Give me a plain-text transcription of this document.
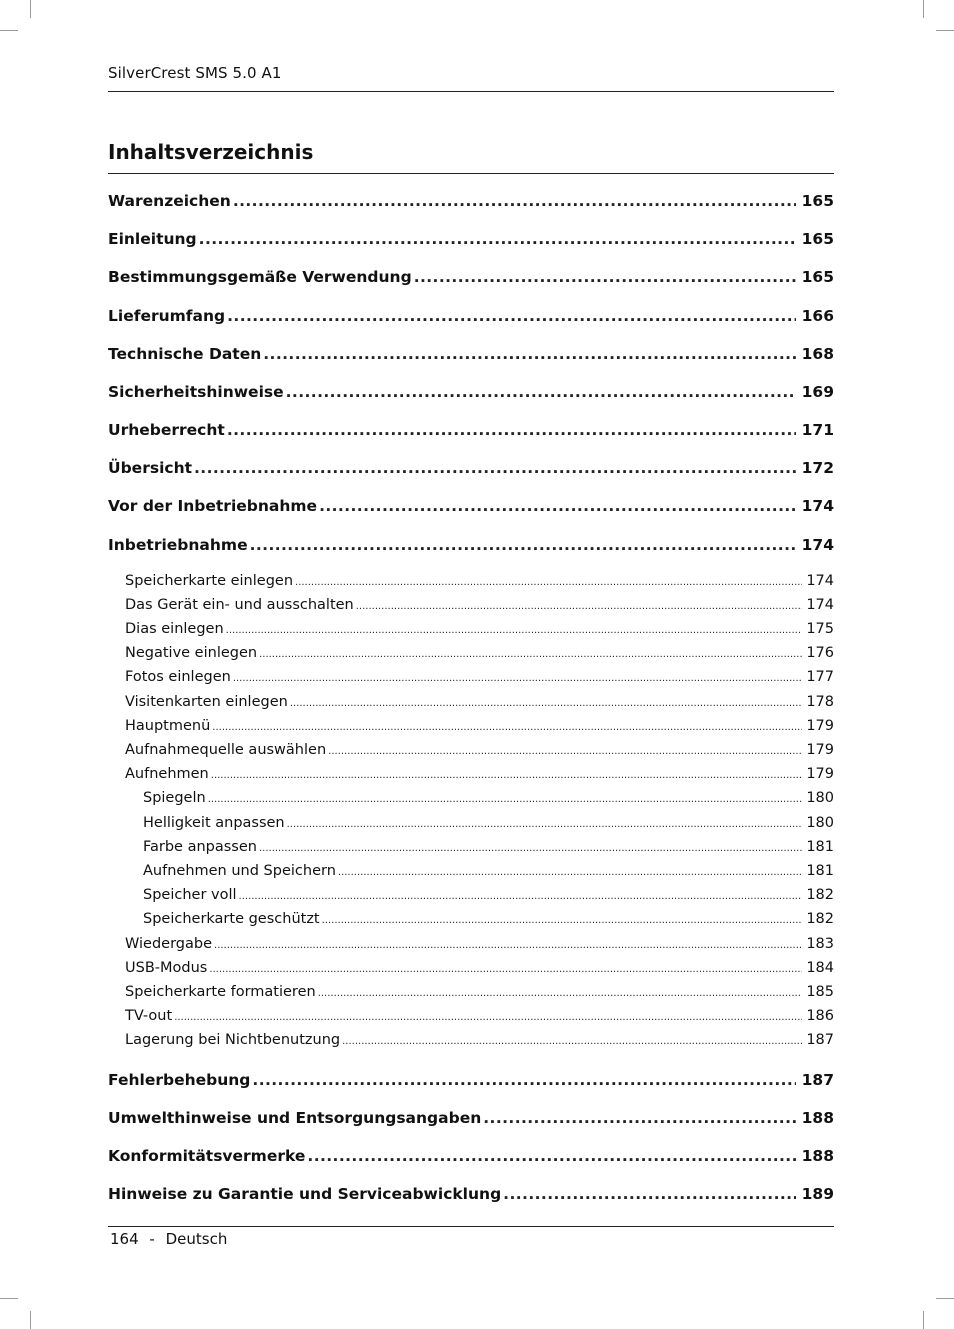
SilverCrest SMS 5.0 A1
Inhaltsverzeichnis
Warenzeichen .....	165
Einleitung .....	165
Bestimmungsgemäße Verwendung .....	165
Lieferumfang .....	166
Technische Daten .....	168
Sicherheitshinweise .....	169
Urheberrecht .....	171
Übersicht .....	172
Vor der Inbetriebnahme .....	174
Inbetriebnahme .....	174
Speicherkarte einlegen .....	174
Das Gerät ein- und ausschalten .....	174
Dias einlegen .....	175
Negative einlegen .....	176
Fotos einlegen .....	177
Visitenkarten einlegen .....	178
Hauptmenü .....	179
Aufnahmequelle auswählen .....	179
Aufnehmen .....	179
Spiegeln .....	180
Helligkeit anpassen .....	180
Farbe anpassen .....	181
Aufnehmen und Speichern .....	181
Speicher voll .....	182
Speicherkarte geschützt .....	182
Wiedergabe .....	183
USB-Modus .....	184
Speicherkarte formatieren .....	185
TV-out .....	186
Lagerung bei Nichtbenutzung .....	187
Fehlerbehebung .....	187
Umwelthinweise und Entsorgungsangaben .....	188
Konformitätsvermerke .....	188
Hinweise zu Garantie und Serviceabwicklung .....	189
164 - Deutsch
